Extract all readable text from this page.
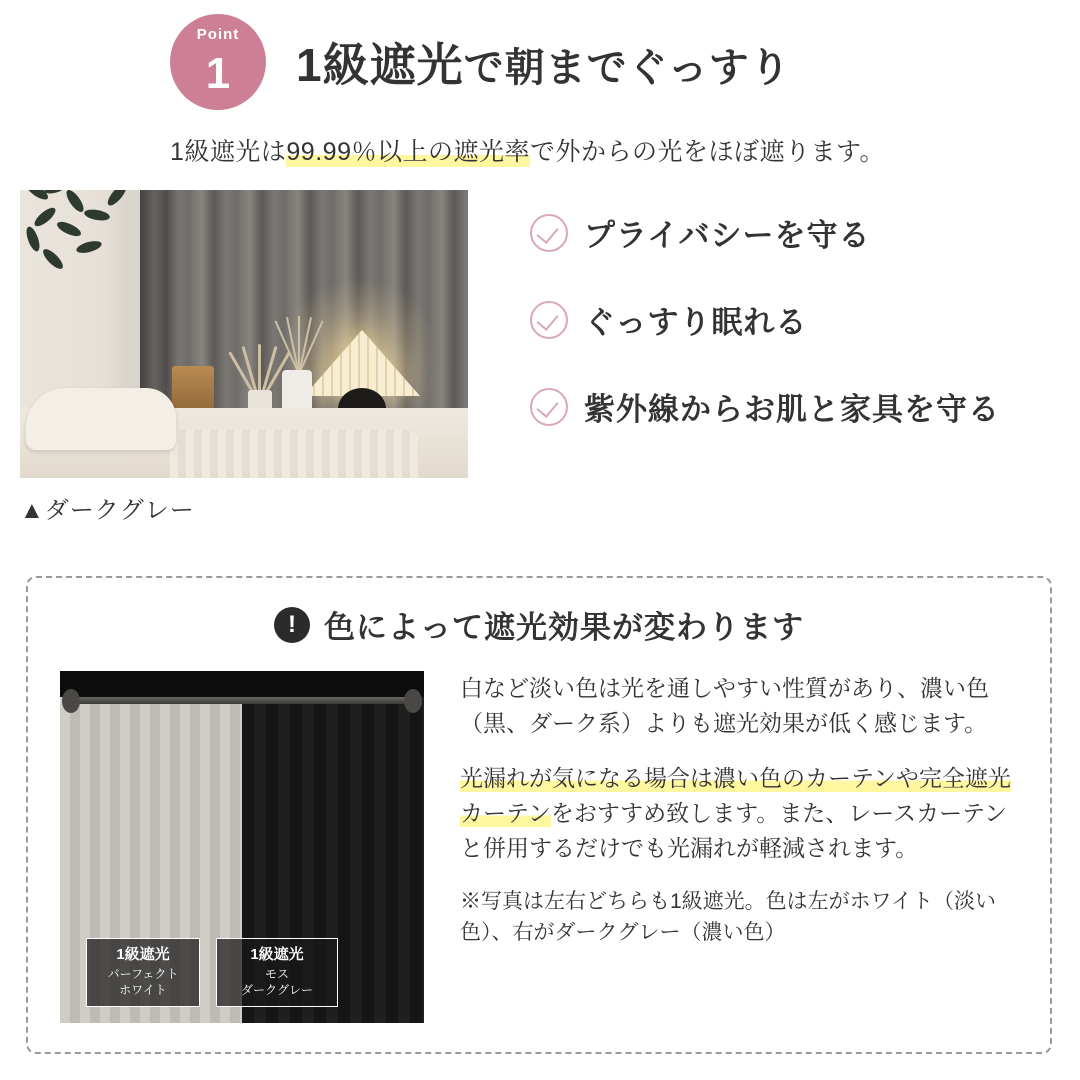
1
Point
1級遮光で朝までぐっすり
1級遮光は99.99％以上の遮光率で外からの光をほぼ遮ります。
▲ダークグレー
プライバシーを守る
ぐっすり眠れる
紫外線からお肌と家具を守る
! 色によって遮光効果が変わります
1級遮光
パーフェクト
ホワイト
1級遮光
モス
ダークグレー

白など淡い色は光を通しやすい性質があり、濃い色（黒、ダーク系）よりも遮光効果が低く感じます。

光漏れが気になる場合は濃い色のカーテンや完全遮光カーテンをおすすめ致します。また、レースカーテンと併用するだけでも光漏れが軽減されます。

※写真は左右どちらも1級遮光。色は左がホワイト（淡い色）、右がダークグレー（濃い色）
